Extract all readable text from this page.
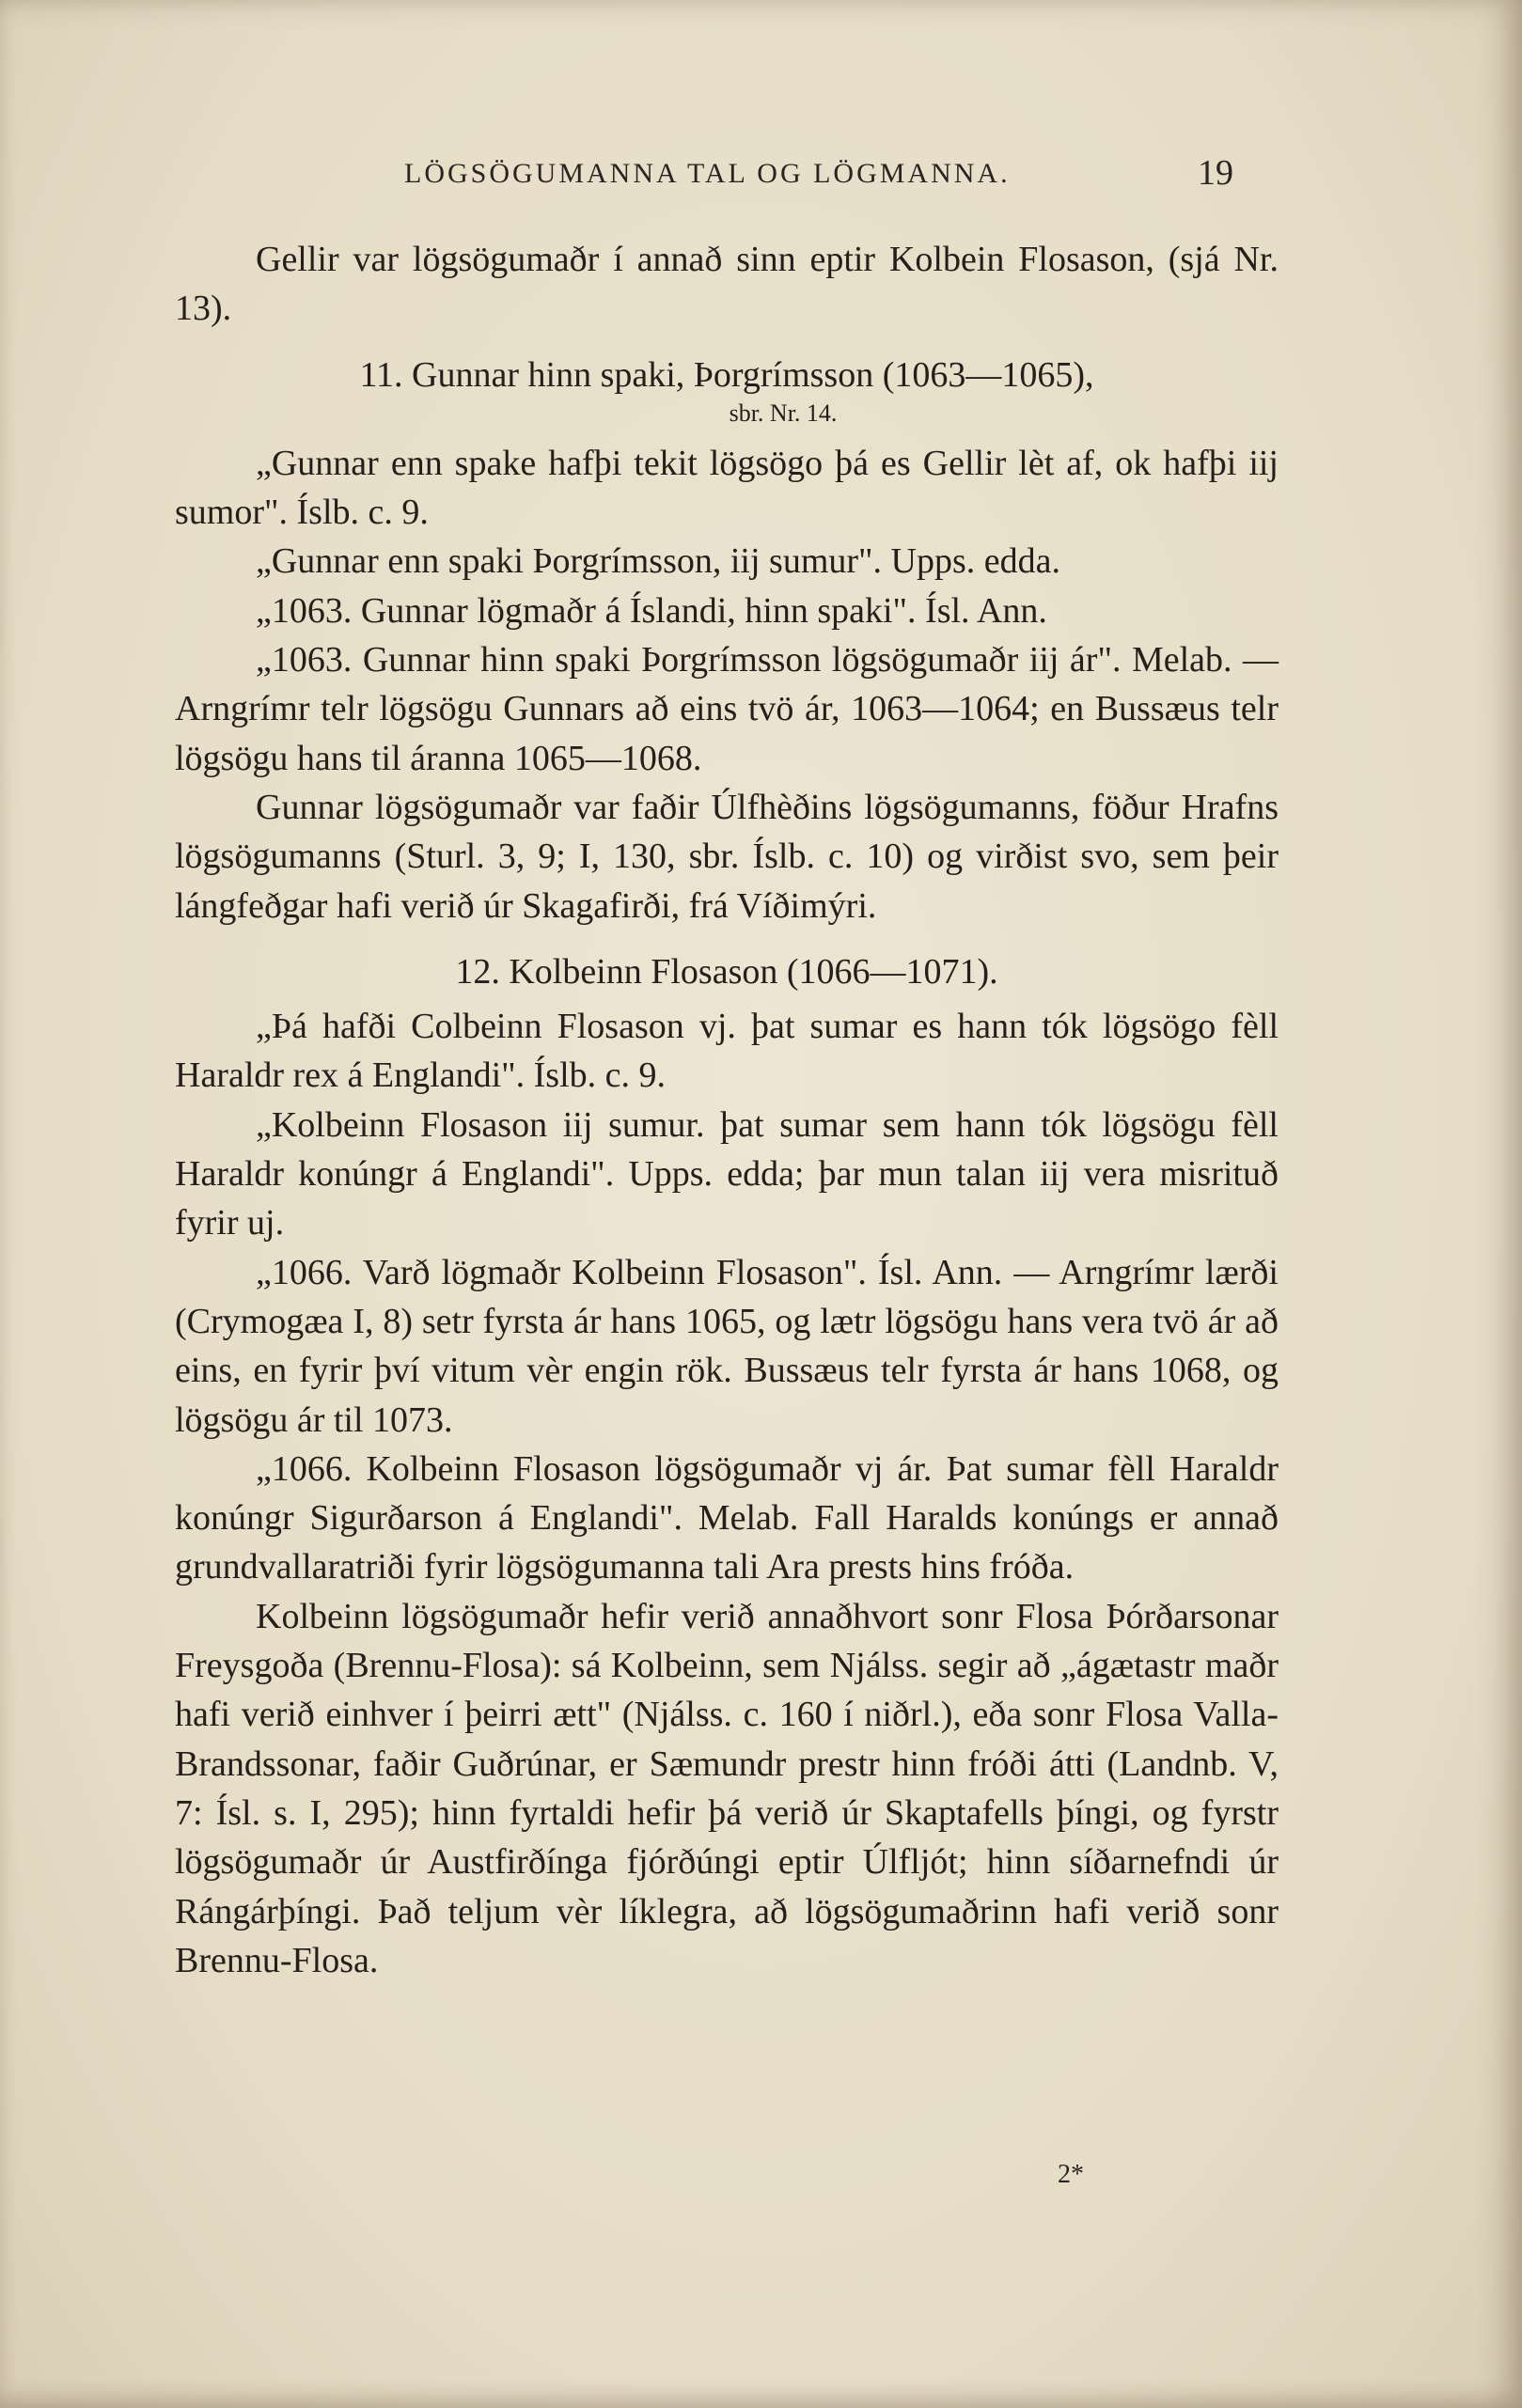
LÖGSÖGUMANNA TAL OG LÖGMANNA.	19

Gellir var lögsögumaðr í annað sinn eptir Kolbein Flosason, (sjá Nr. 13).

11. Gunnar hinn spaki, Þorgrímsson (1063—1065),
sbr. Nr. 14.

„Gunnar enn spake hafþi tekit lögsögo þá es Gellir lèt af, ok hafþi iij sumor". Íslb. c. 9.

„Gunnar enn spaki Þorgrímsson, iij sumur". Upps. edda.

„1063. Gunnar lögmaðr á Íslandi, hinn spaki". Ísl. Ann.

„1063. Gunnar hinn spaki Þorgrímsson lögsögumaðr iij ár". Melab. — Arngrímr telr lögsögu Gunnars að eins tvö ár, 1063—1064; en Bussæus telr lögsögu hans til áranna 1065—1068.

Gunnar lögsögumaðr var faðir Úlfhèðins lögsögumanns, föður Hrafns lögsögumanns (Sturl. 3, 9; I, 130, sbr. Íslb. c. 10) og virðist svo, sem þeir lángfeðgar hafi verið úr Skagafirði, frá Víðimýri.

12. Kolbeinn Flosason (1066—1071).

„Þá hafði Colbeinn Flosason vj. þat sumar es hann tók lögsögo fèll Haraldr rex á Englandi". Íslb. c. 9.

„Kolbeinn Flosason iij sumur. þat sumar sem hann tók lögsögu fèll Haraldr konúngr á Englandi". Upps. edda; þar mun talan iij vera misrituð fyrir uj.

„1066. Varð lögmaðr Kolbeinn Flosason". Ísl. Ann. — Arngrímr lærði (Crymogæa I, 8) setr fyrsta ár hans 1065, og lætr lögsögu hans vera tvö ár að eins, en fyrir því vitum vèr engin rök. Bussæus telr fyrsta ár hans 1068, og lögsögu ár til 1073.

„1066. Kolbeinn Flosason lögsögumaðr vj ár. Þat sumar fèll Haraldr konúngr Sigurðarson á Englandi". Melab. Fall Haralds konúngs er annað grundvallaratriði fyrir lögsögumanna tali Ara prests hins fróða.

Kolbeinn lögsögumaðr hefir verið annaðhvort sonr Flosa Þórðarsonar Freysgoða (Brennu-Flosa): sá Kolbeinn, sem Njálss. segir að „ágætastr maðr hafi verið einhver í þeirri ætt" (Njálss. c. 160 í niðrl.), eða sonr Flosa Valla-Brandssonar, faðir Guðrúnar, er Sæmundr prestr hinn fróði átti (Landnb. V, 7: Ísl. s. I, 295); hinn fyrtaldi hefir þá verið úr Skaptafells þíngi, og fyrstr lögsögumaðr úr Austfirðínga fjórðúngi eptir Úlfljót; hinn síðarnefndi úr Rángárþíngi. Það teljum vèr líklegra, að lögsögumaðrinn hafi verið sonr Brennu-Flosa.

2*
